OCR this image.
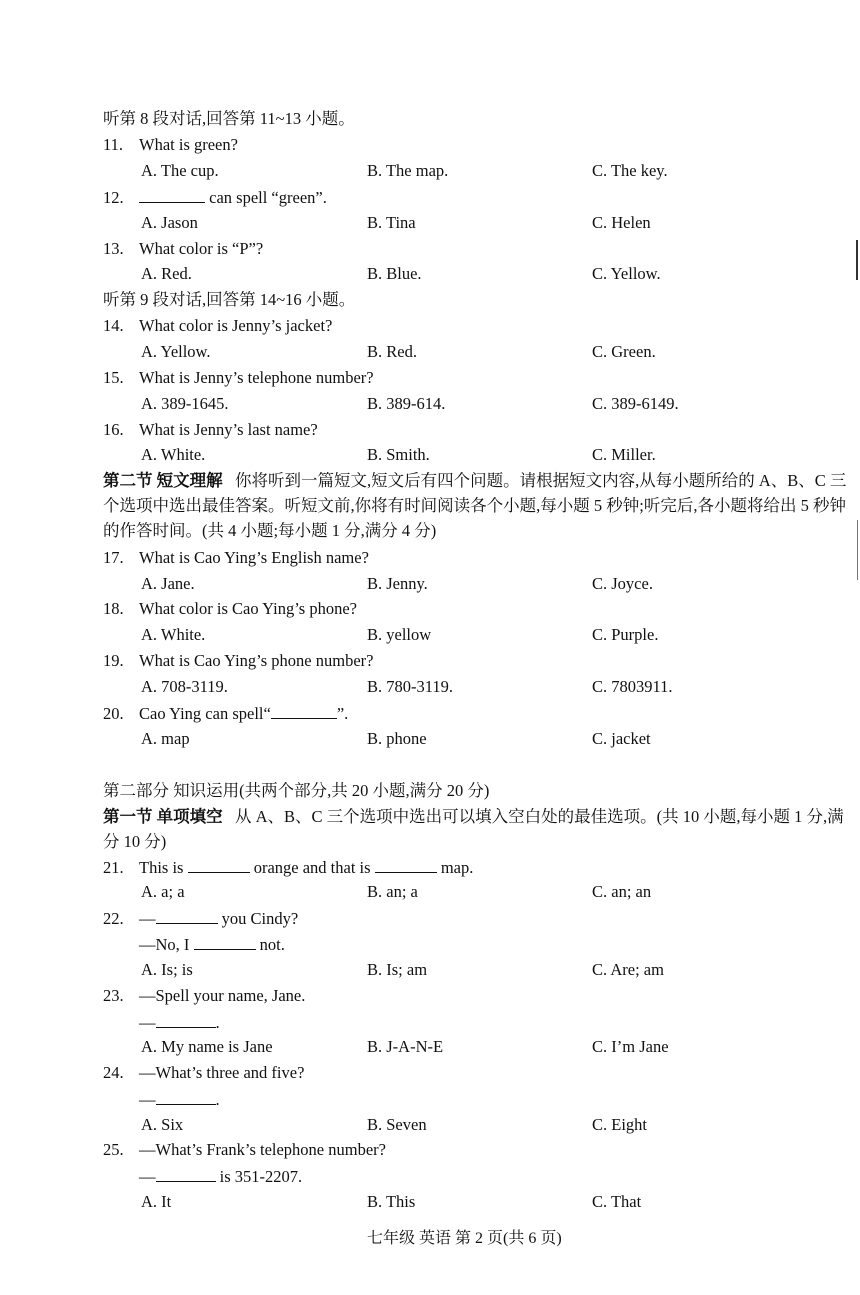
听第 8 段对话,回答第 11~13 小题。
11. What is green?
A. The cup.	B. The map.	C. The key.
12.	can spell “green”.
A. Jason	B. Tina	C. Helen
13. What color is “P”?
A. Red.	B. Blue.	C. Yellow.
听第 9 段对话,回答第 14~16 小题。
14. What color is Jenny’s jacket?
A. Yellow.	B. Red.	C. Green.
15. What is Jenny’s telephone number?
A. 389-1645.	B. 389-614.	C. 389-6149.
16. What is Jenny’s last name?
A. White.	B. Smith.	C. Miller.
第二节 短文理解 你将听到一篇短文,短文后有四个问题。请根据短文内容,从每小题所给的 A、B、C 三个选项中选出最佳答案。听短文前,你将有时间阅读各个小题,每小题 5 秒钟;听完后,各小题将给出 5 秒钟的作答时间。(共 4 小题;每小题 1 分,满分 4 分)
17. What is Cao Ying’s English name?
A. Jane.	B. Jenny.	C. Joyce.
18. What color is Cao Ying’s phone?
A. White.	B. yellow	C. Purple.
19. What is Cao Ying’s phone number?
A. 708-3119.	B. 780-3119.	C. 7803911.
20. Cao Ying can spell“	”.
A. map	B. phone	C. jacket
第二部分 知识运用(共两个部分,共 20 小题,满分 20 分)
第一节 单项填空 从 A、B、C 三个选项中选出可以填入空白处的最佳选项。(共 10 小题,每小题 1 分,满分 10 分)
21. This is	orange and that is	map.
A. a; a	B. an; a	C. an; an
22. —	you Cindy?
—No, I	not.
A. Is; is	B. Is; am	C. Are; am
23. —Spell your name, Jane.
—	.
A. My name is Jane	B. J-A-N-E	C. I’m Jane
24. —What’s three and five?
—	.
A. Six	B. Seven	C. Eight
25. —What’s Frank’s telephone number?
—	is 351-2207.
A. It	B. This	C. That
七年级 英语 第 2 页(共 6 页)
